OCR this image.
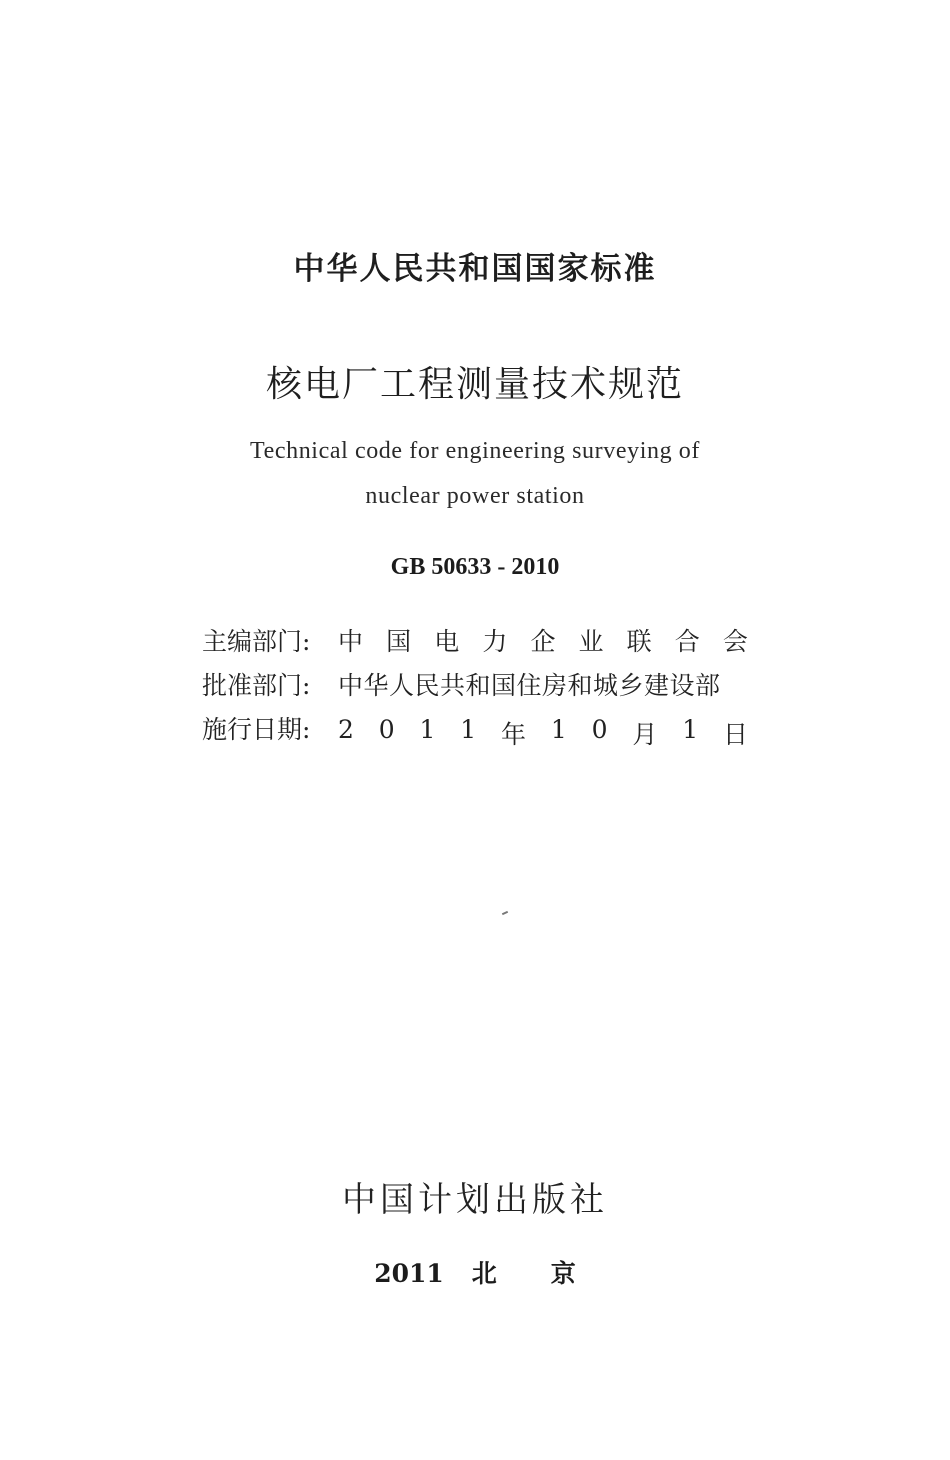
中华人民共和国国家标准
核电厂工程测量技术规范
Technical code for engineering surveying of
nuclear power station
GB 50633 - 2010
主编部门:	中 国 电 力 企 业 联 合 会
批准部门:	中华人民共和国住房和城乡建设部
施行日期:	2 0 1 1 年 1 0 月 1 日
中国计划出版社
2011 北 京
